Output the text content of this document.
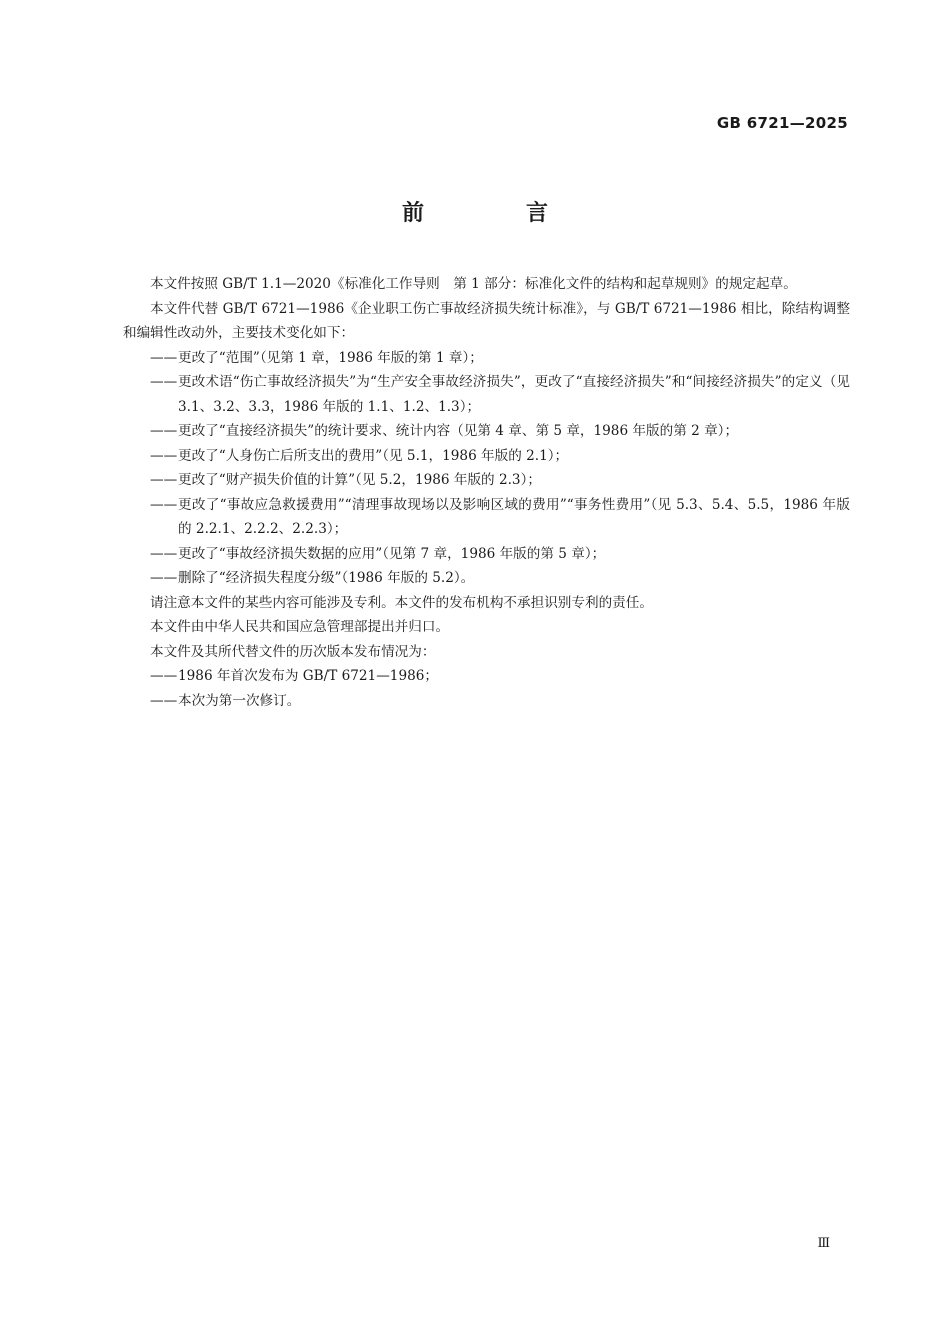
GB 6721—2025
前　言

本文件按照 GB/T 1.1—2020《标准化工作导则　第 1 部分：标准化文件的结构和起草规则》的规定起草。

本文件代替 GB/T 6721—1986《企业职工伤亡事故经济损失统计标准》，与 GB/T 6721—1986 相比，除结构调整和编辑性改动外，主要技术变化如下：

—— 更改了“范围”（见第 1 章，1986 年版的第 1 章）；
—— 更改术语“伤亡事故经济损失”为“生产安全事故经济损失”，更改了“直接经济损失”和“间接经济损失”的定义（见 3.1、3.2、3.3，1986 年版的 1.1、1.2、1.3）；
—— 更改了“直接经济损失”的统计要求、统计内容（见第 4 章、第 5 章，1986 年版的第 2 章）；
—— 更改了“人身伤亡后所支出的费用”（见 5.1，1986 年版的 2.1）；
—— 更改了“财产损失价值的计算”（见 5.2，1986 年版的 2.3）；
—— 更改了“事故应急救援费用”“清理事故现场以及影响区域的费用”“事务性费用”（见 5.3、5.4、5.5，1986 年版的 2.2.1、2.2.2、2.2.3）；
—— 更改了“事故经济损失数据的应用”（见第 7 章，1986 年版的第 5 章）；
—— 删除了“经济损失程度分级”（1986 年版的 5.2）。

请注意本文件的某些内容可能涉及专利。本文件的发布机构不承担识别专利的责任。

本文件由中华人民共和国应急管理部提出并归口。

本文件及其所代替文件的历次版本发布情况为：

—— 1986 年首次发布为 GB/T 6721—1986；
—— 本次为第一次修订。
Ⅲ
